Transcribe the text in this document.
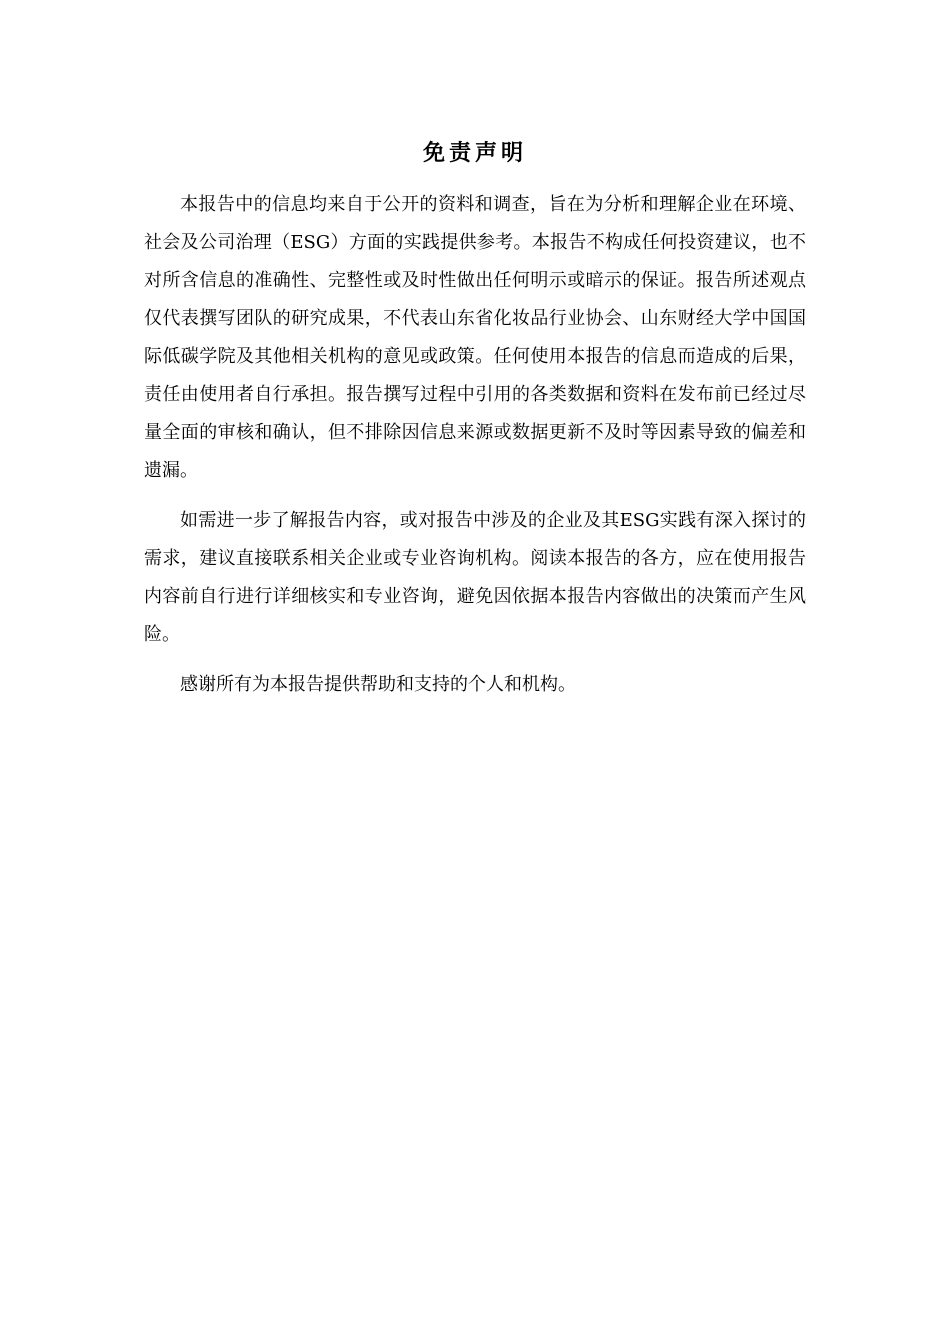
免责声明

本报告中的信息均来自于公开的资料和调查，旨在为分析和理解企业在环境、社会及公司治理（ESG）方面的实践提供参考。本报告不构成任何投资建议，也不对所含信息的准确性、完整性或及时性做出任何明示或暗示的保证。报告所述观点仅代表撰写团队的研究成果，不代表山东省化妆品行业协会、山东财经大学中国国际低碳学院及其他相关机构的意见或政策。任何使用本报告的信息而造成的后果，责任由使用者自行承担。报告撰写过程中引用的各类数据和资料在发布前已经过尽量全面的审核和确认，但不排除因信息来源或数据更新不及时等因素导致的偏差和遗漏。

如需进一步了解报告内容，或对报告中涉及的企业及其ESG实践有深入探讨的需求，建议直接联系相关企业或专业咨询机构。阅读本报告的各方，应在使用报告内容前自行进行详细核实和专业咨询，避免因依据本报告内容做出的决策而产生风险。

感谢所有为本报告提供帮助和支持的个人和机构。
